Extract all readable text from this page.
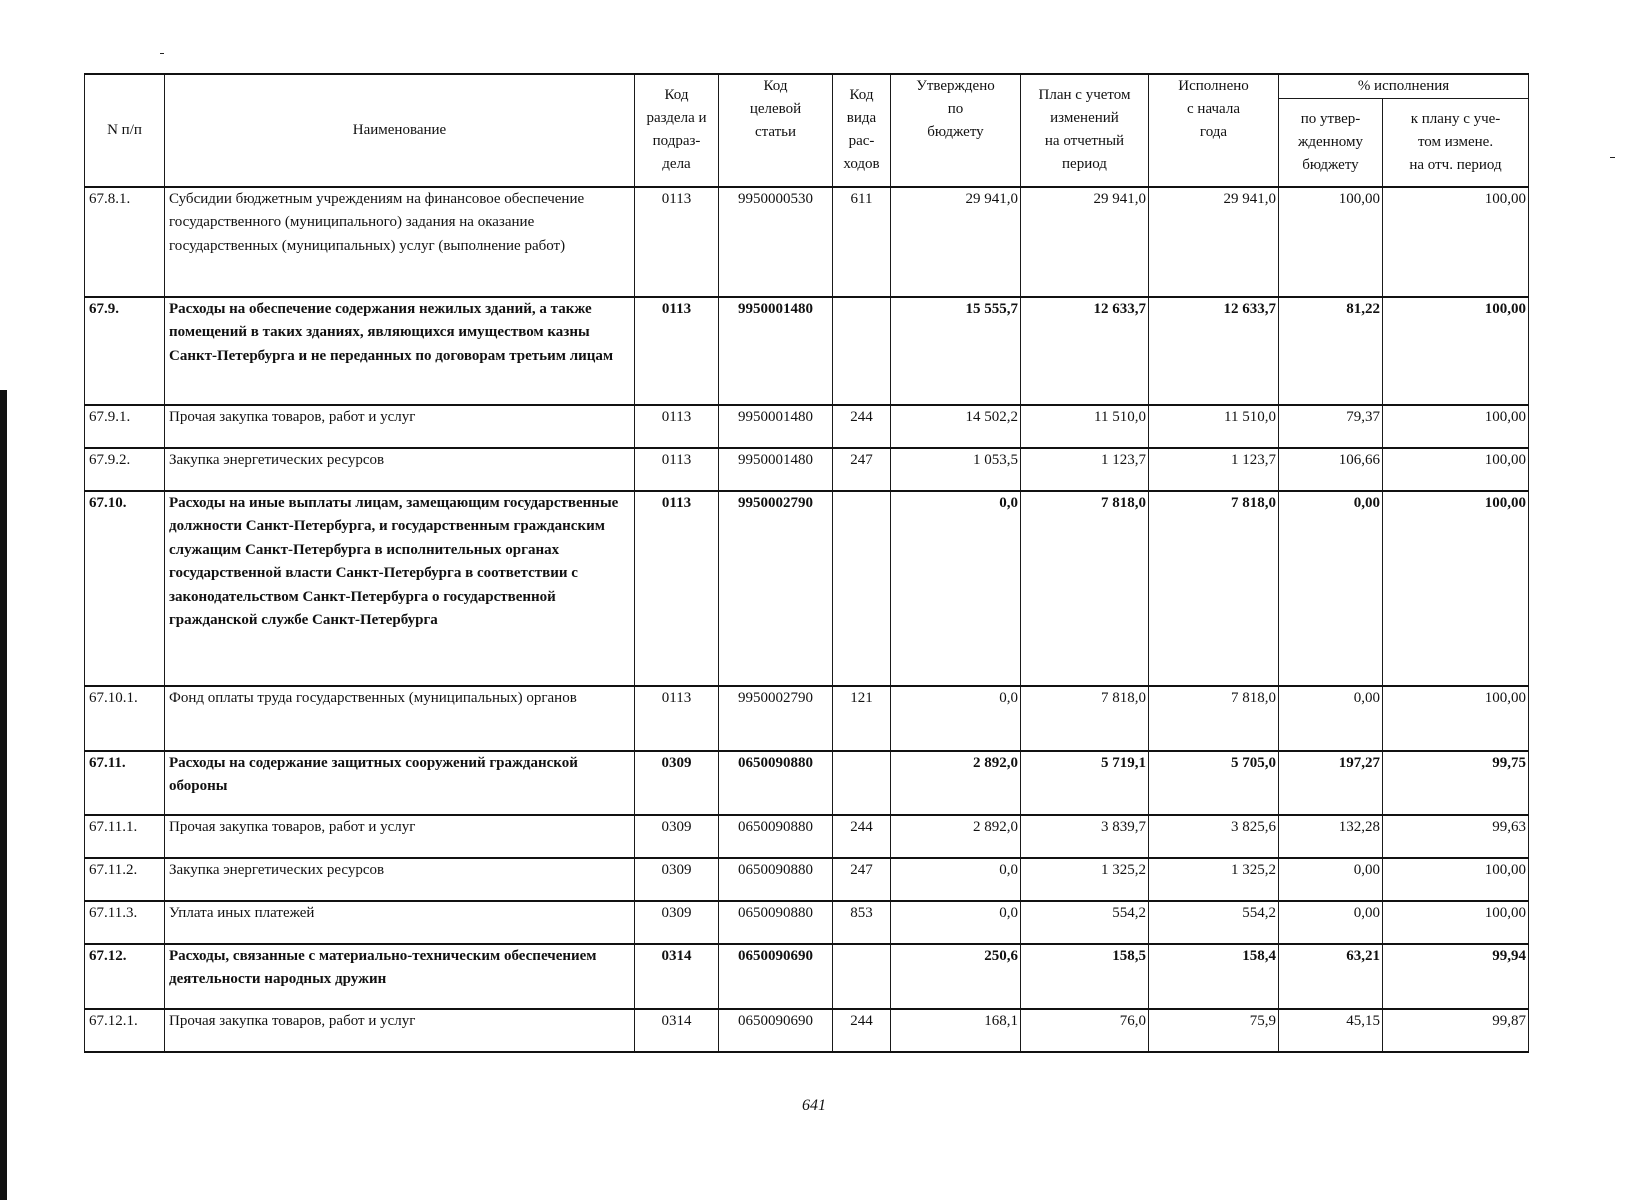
N п/п	Наименование	Код
раздела и
подраз-
дела	Код
целевой
статьи	Код
вида
рас-
ходов	Утверждено
по
бюджету	План с учетом
изменений
на отчетный
период	Исполнено
с начала
года	% исполнения	
								по утвер-
жденному
бюджету	к плану с уче-
том измене.
на отч. период
67.8.1.	Субсидии бюджетным учреждениям на финансовое обеспечение государственного (муниципального) задания на оказание государственных (муниципальных) услуг (выполнение работ)	0113	9950000530	611	29 941,0	29 941,0	29 941,0	100,00	100,00
67.9.	Расходы на обеспечение содержания нежилых зданий, а также помещений в таких зданиях, являющихся имуществом казны Санкт-Петербурга и не переданных по договорам третьим лицам	0113	9950001480		15 555,7	12 633,7	12 633,7	81,22	100,00
67.9.1.	Прочая закупка товаров, работ и услуг	0113	9950001480	244	14 502,2	11 510,0	11 510,0	79,37	100,00
67.9.2.	Закупка энергетических ресурсов	0113	9950001480	247	1 053,5	1 123,7	1 123,7	106,66	100,00
67.10.	Расходы на иные выплаты лицам, замещающим государственные должности Санкт-Петербурга, и государственным гражданским служащим Санкт-Петербурга в исполнительных органах государственной власти Санкт-Петербурга в соответствии с законодательством Санкт-Петербурга о государственной гражданской службе Санкт-Петербурга	0113	9950002790		0,0	7 818,0	7 818,0	0,00	100,00
67.10.1.	Фонд оплаты труда государственных (муниципальных) органов	0113	9950002790	121	0,0	7 818,0	7 818,0	0,00	100,00
67.11.	Расходы на содержание защитных сооружений гражданской обороны	0309	0650090880		2 892,0	5 719,1	5 705,0	197,27	99,75
67.11.1.	Прочая закупка товаров, работ и услуг	0309	0650090880	244	2 892,0	3 839,7	3 825,6	132,28	99,63
67.11.2.	Закупка энергетических ресурсов	0309	0650090880	247	0,0	1 325,2	1 325,2	0,00	100,00
67.11.3.	Уплата иных платежей	0309	0650090880	853	0,0	554,2	554,2	0,00	100,00
67.12.	Расходы, связанные с материально-техническим обеспечением деятельности народных дружин	0314	0650090690		250,6	158,5	158,4	63,21	99,94
67.12.1.	Прочая закупка товаров, работ и услуг	0314	0650090690	244	168,1	76,0	75,9	45,15	99,87
641
